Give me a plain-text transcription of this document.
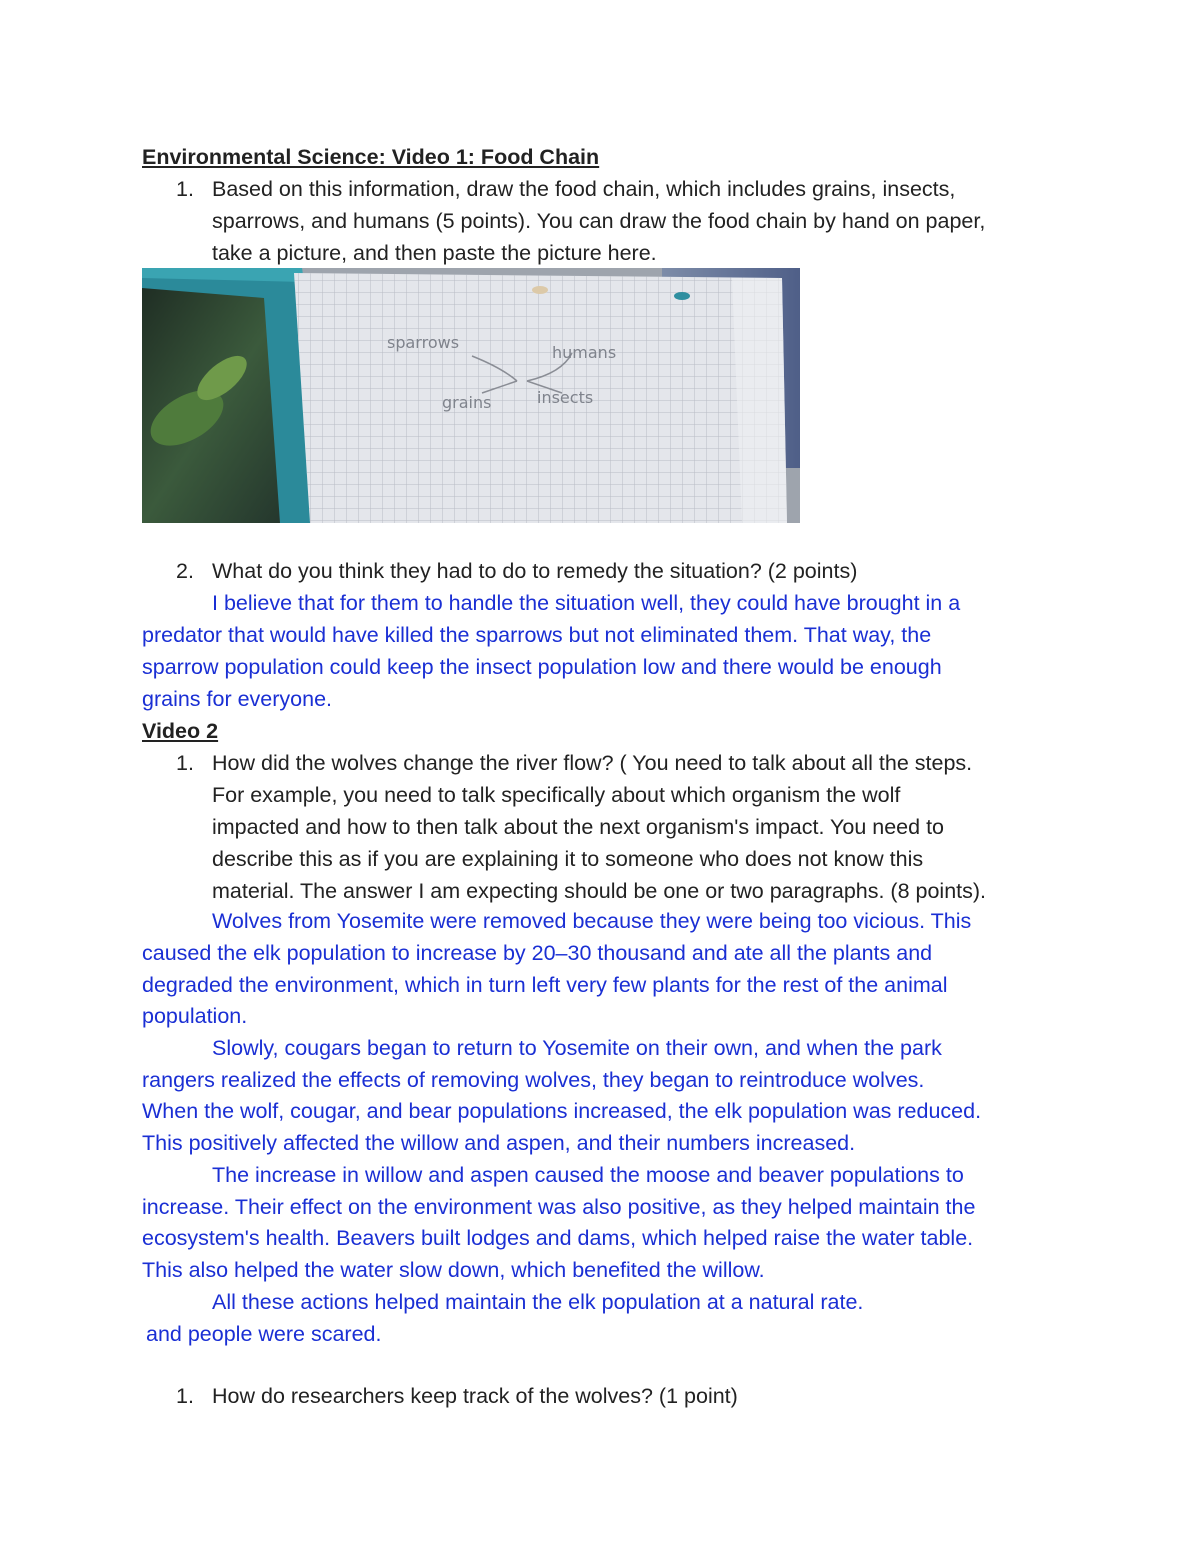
Environmental Science: Video 1: Food Chain
1. Based on this information, draw the food chain, which includes grains, insects,
sparrows, and humans (5 points). You can draw the food chain by hand on paper,
take a picture, and then paste the picture here.
sparrows
humans
grains	insects
2. What do you think they had to do to remedy the situation? (2 points)
I believe that for them to handle the situation well, they could have brought in a
predator that would have killed the sparrows but not eliminated them. That way, the
sparrow population could keep the insect population low and there would be enough
grains for everyone.
Video 2
1. How did the wolves change the river flow? ( You need to talk about all the steps.
For example, you need to talk specifically about which organism the wolf
impacted and how to then talk about the next organism's impact. You need to
describe this as if you are explaining it to someone who does not know this
material. The answer I am expecting should be one or two paragraphs. (8 points).
Wolves from Yosemite were removed because they were being too vicious. This
caused the elk population to increase by 20–30 thousand and ate all the plants and
degraded the environment, which in turn left very few plants for the rest of the animal
population.
Slowly, cougars began to return to Yosemite on their own, and when the park
rangers realized the effects of removing wolves, they began to reintroduce wolves.
When the wolf, cougar, and bear populations increased, the elk population was reduced.
This positively affected the willow and aspen, and their numbers increased.
The increase in willow and aspen caused the moose and beaver populations to
increase. Their effect on the environment was also positive, as they helped maintain the
ecosystem's health. Beavers built lodges and dams, which helped raise the water table.
This also helped the water slow down, which benefited the willow.
All these actions helped maintain the elk population at a natural rate.
and people were scared.
1. How do researchers keep track of the wolves? (1 point)
